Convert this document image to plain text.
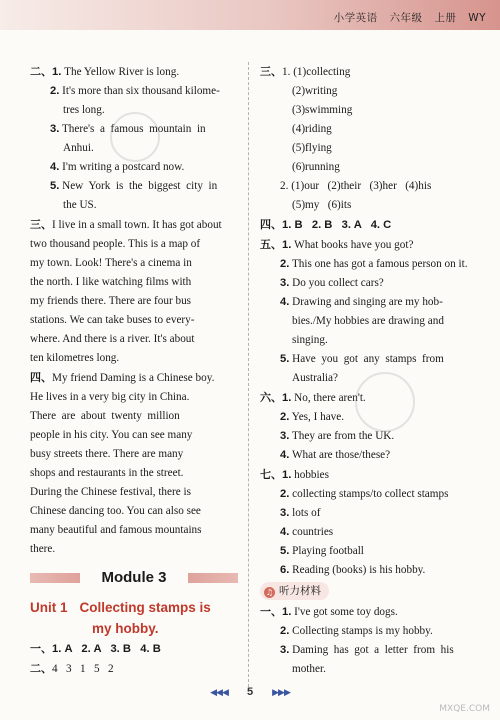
小学英语 六年级 上册 WY
二、1. The Yellow River is long.
2. It's more than six thousand kilome-
tres long.
3. There's  a  famous  mountain  in
Anhui.
4. I'm writing a postcard now.
5. New  York  is  the  biggest  city  in
the US.
三、I live in a small town. It has got about
two thousand people. This is a map of
my town. Look! There's a cinema in
the north. I like watching films with
my friends there. There are four bus
stations. We can take buses to every-
where. And there is a river. It's about
ten kilometres long.
四、My friend Daming is a Chinese boy.
He lives in a very big city in China.
There  are  about  twenty  million
people in his city. You can see many
busy streets there. There are many
shops and restaurants in the street.
During the Chinese festival, there is
Chinese dancing too. You can also see
many beautiful and famous mountains
there.
Module 3
Unit 1 Collecting stamps is
my hobby.
一、1. A   2. A   3. B   4. B
二、4   3   1   5   2
三、1. (1)collecting
(2)writing
(3)swimming
(4)riding
(5)flying
(6)running
2. (1)our   (2)their   (3)her   (4)his
(5)my   (6)its
四、1. B   2. B   3. A   4. C
五、1. What books have you got?
2. This one has got a famous person on it.
3. Do you collect cars?
4. Drawing and singing are my hob-
bies./My hobbies are drawing and
singing.
5. Have  you  got  any  stamps  from
Australia?
六、1. No, there aren't.
2. Yes, I have.
3. They are from the UK.
4. What are those/these?
七、1. hobbies
2. collecting stamps/to collect stamps
3. lots of
4. countries
5. Playing football
6. Reading (books) is his hobby.
♫ 听力材料
一、1. I've got some toy dogs.
2. Collecting stamps is my hobby.
3. Daming  has  got  a  letter  from  his
mother.
◀◀◀ 5 ▶▶▶
MXQE.COM
